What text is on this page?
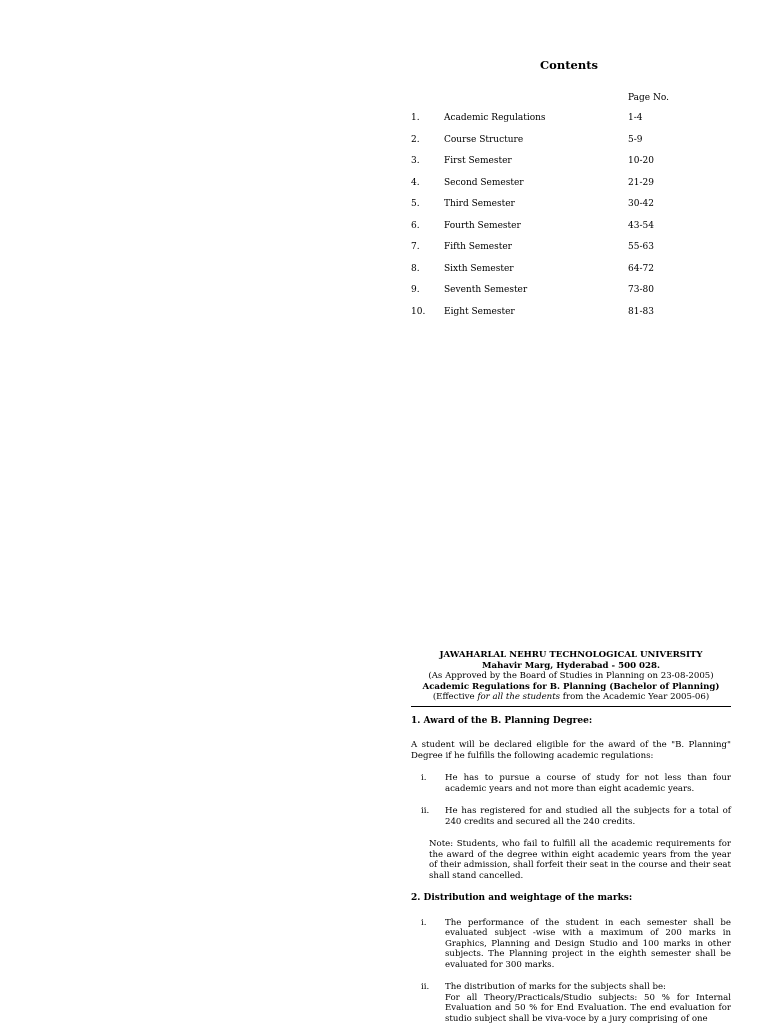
Contents
Page No.
1.	Academic Regulations	1-4
2.	Course Structure	5-9
3.	First Semester	10-20
4.	Second Semester	21-29
5.	Third Semester	30-42
6.	Fourth Semester	43-54
7.	Fifth Semester	55-63
8.	Sixth Semester	64-72
9.	Seventh Semester	73-80
10. Eight Semester	81-83
JAWAHARLAL NEHRU TECHNOLOGICAL UNIVERSITY
Mahavir Marg, Hyderabad - 500 028.
(As Approved by the Board of Studies in Planning on 23-08-2005)
Academic Regulations for B. Planning (Bachelor of Planning)
(Effective for all the students from the Academic Year 2005-06)
1. Award of the B. Planning Degree:
A student will be declared eligible for the award of the "B. Planning" Degree if he fulfills the following academic regulations:
i. He has to pursue a course of study for not less than four academic years and not more than eight academic years.
ii. He has registered for and studied all the subjects for a total of 240 credits and secured all the 240 credits.
Note: Students, who fail to fulfill all the academic requirements for the award of the degree within eight academic years from the year of their admission, shall forfeit their seat in the course and their seat shall stand cancelled.
2. Distribution and weightage of the marks:
i. The performance of the student in each semester shall be evaluated subject -wise with a maximum of 200 marks in Graphics, Planning and Design Studio and 100 marks in other subjects. The Planning project in the eighth semester shall be evaluated for 300 marks.
ii. The distribution of marks for the subjects shall be:
For all Theory/Practicals/Studio subjects: 50 % for Internal Evaluation and 50 % for End Evaluation. The end evaluation for studio subject shall be viva-voce by a jury comprising of one
